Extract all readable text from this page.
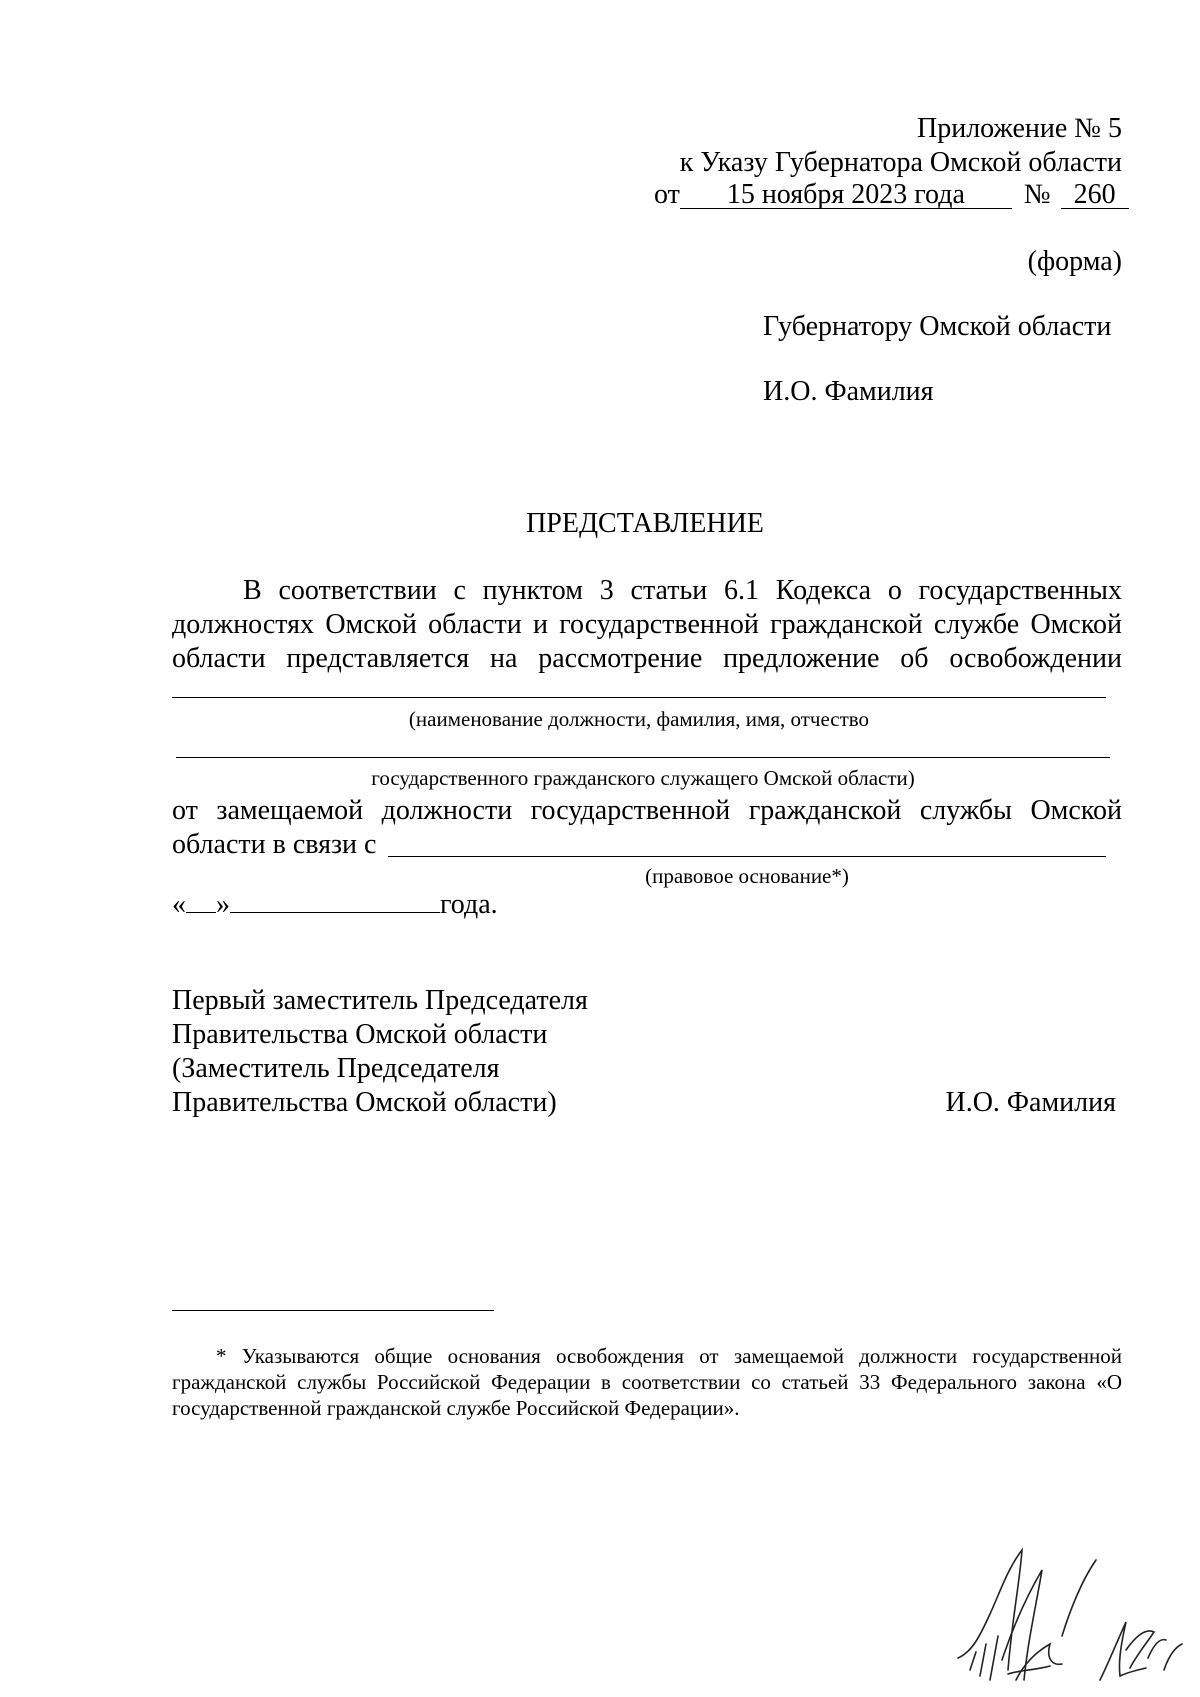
Приложение № 5
к Указу Губернатора Омской области
от 15 ноября 2023 года № 260
(форма)
Губернатору Омской области
И.О. Фамилия
ПРЕДСТАВЛЕНИЕ
В соответствии с пунктом 3 статьи 6.1 Кодекса о государственных
должностях Омской области и государственной гражданской службе Омской
области представляется на рассмотрение предложение об освобождении
(наименование должности, фамилия, имя, отчество
государственного гражданского служащего Омской области)
от замещаемой должности государственной гражданской службы Омской
области в связи с
(правовое основание*)
« »	года.
Первый заместитель Председателя
Правительства Омской области
(Заместитель Председателя
Правительства Омской области)	И.О. Фамилия
* Указываются общие основания освобождения от замещаемой должности государственной гражданской службы Российской Федерации в соответствии со статьей 33 Федерального закона «О государственной гражданской службе Российской Федерации».
